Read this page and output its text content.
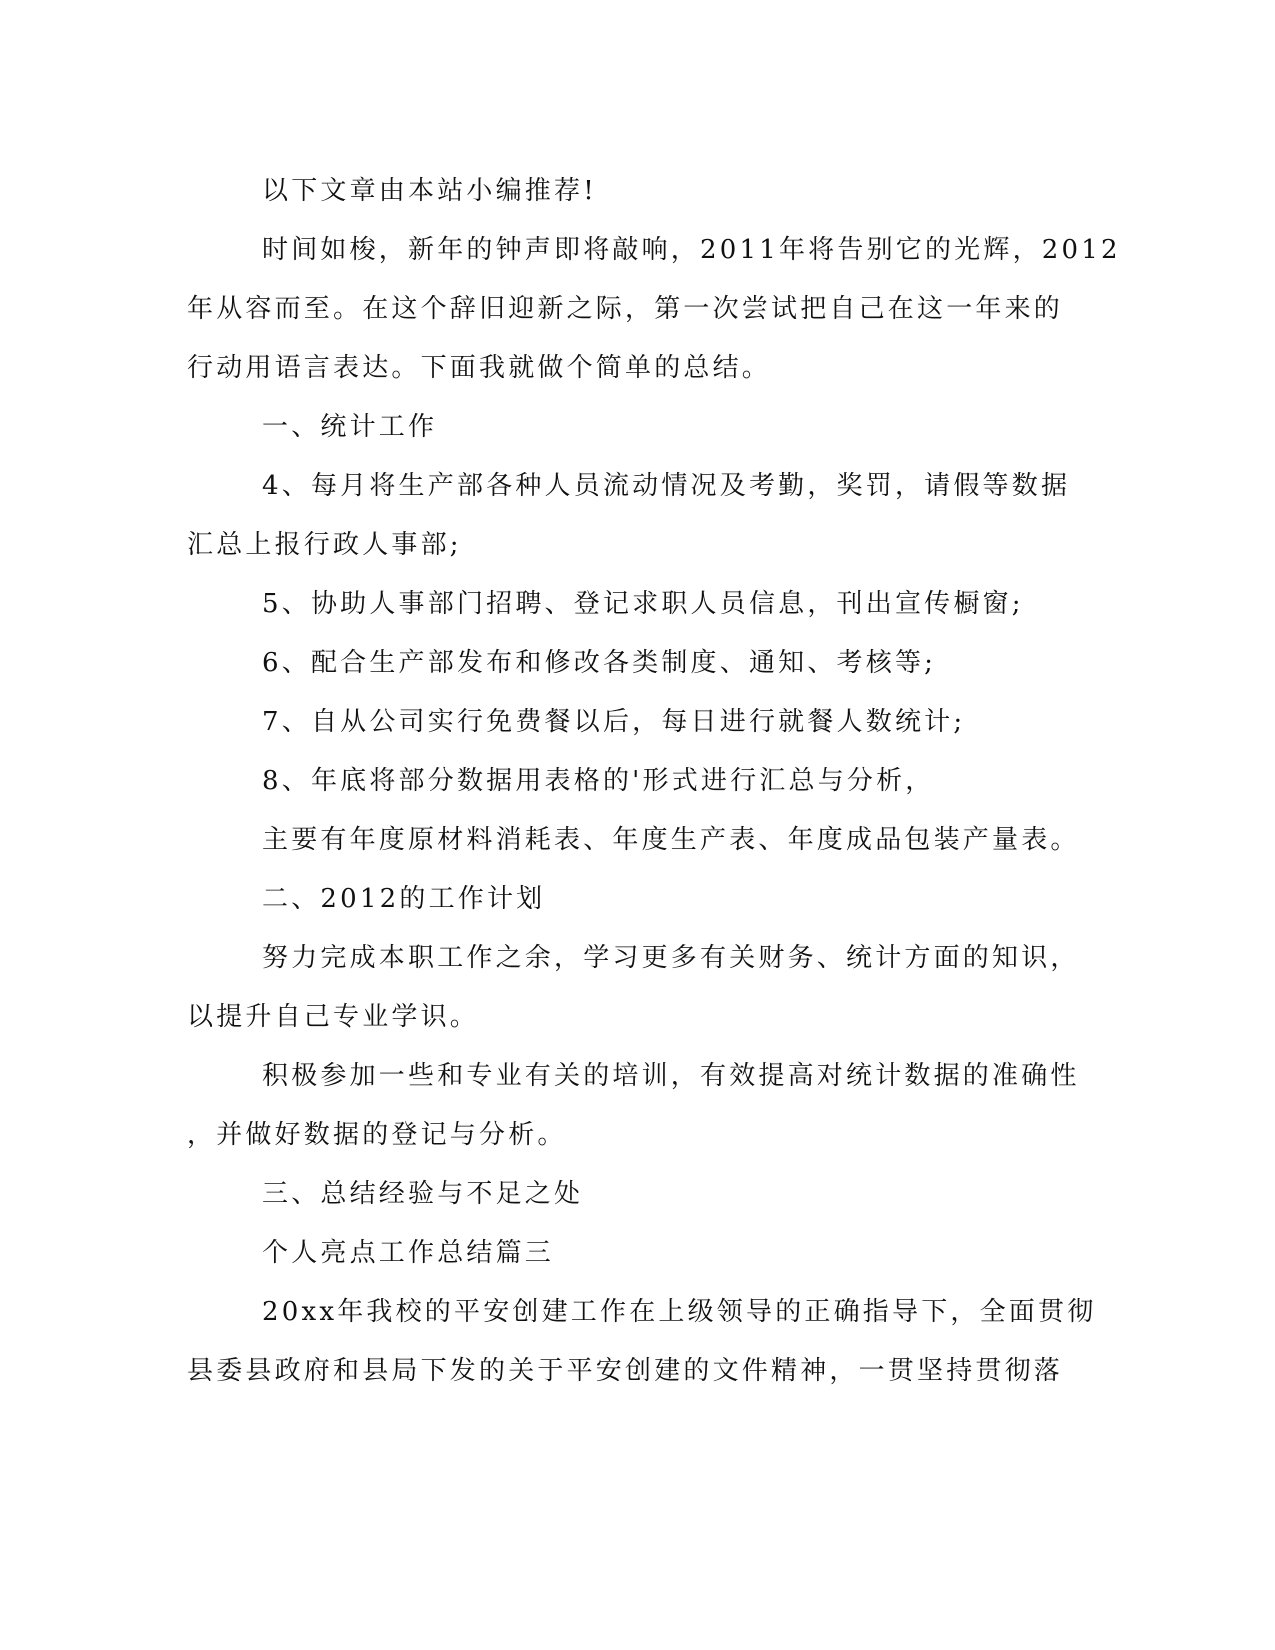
以下文章由本站小编推荐!
时间如梭，新年的钟声即将敲响，2011年将告别它的光辉，2012
年从容而至。在这个辞旧迎新之际，第一次尝试把自己在这一年来的
行动用语言表达。下面我就做个简单的总结。
一、统计工作
4、每月将生产部各种人员流动情况及考勤，奖罚，请假等数据
汇总上报行政人事部;
5、协助人事部门招聘、登记求职人员信息，刊出宣传橱窗;
6、配合生产部发布和修改各类制度、通知、考核等;
7、自从公司实行免费餐以后，每日进行就餐人数统计;
8、年底将部分数据用表格的'形式进行汇总与分析，
主要有年度原材料消耗表、年度生产表、年度成品包装产量表。
二、2012的工作计划
努力完成本职工作之余，学习更多有关财务、统计方面的知识，
以提升自己专业学识。
积极参加一些和专业有关的培训，有效提高对统计数据的准确性
，并做好数据的登记与分析。
三、总结经验与不足之处
个人亮点工作总结篇三
20xx年我校的平安创建工作在上级领导的正确指导下，全面贯彻
县委县政府和县局下发的关于平安创建的文件精神，一贯坚持贯彻落
